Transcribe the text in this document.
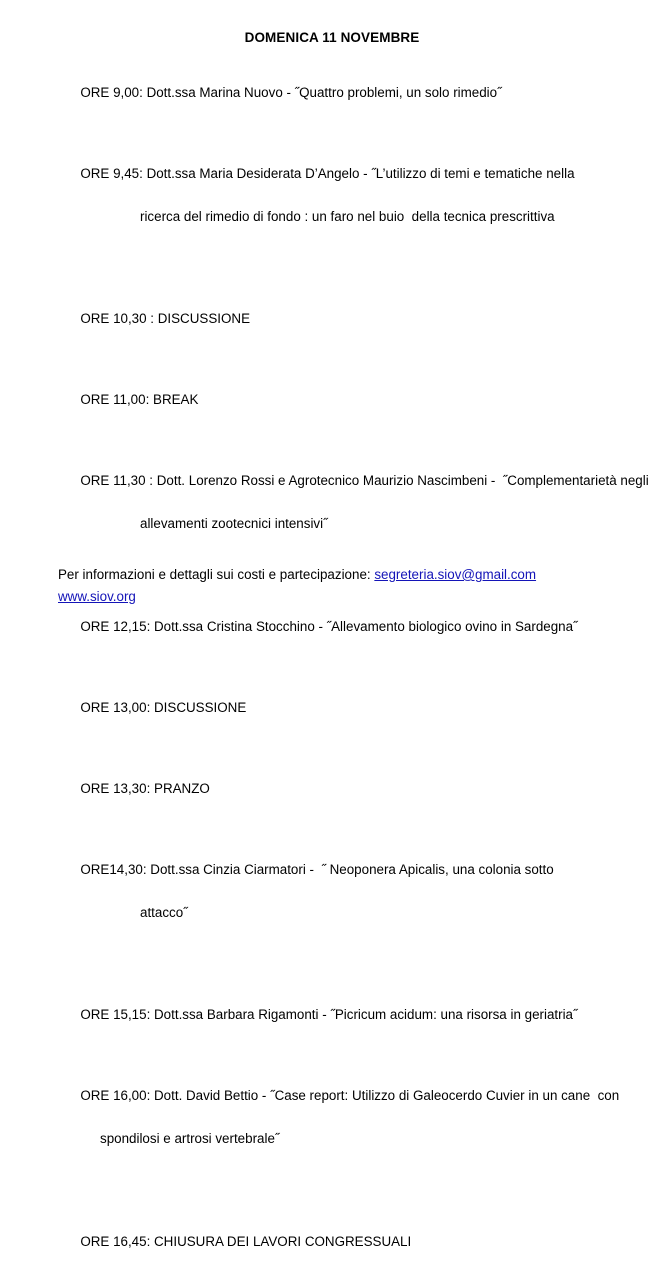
DOMENICA 11 NOVEMBRE

ORE 9,00: Dott.ssa Marina Nuovo - ˝Quattro problemi, un solo rimedio˝

ORE 9,45: Dott.ssa Maria Desiderata D’Angelo - ˝L’utilizzo di temi e tematiche nella

ricerca del rimedio di fondo : un faro nel buio  della tecnica prescrittiva

ORE 10,30 : DISCUSSIONE

ORE 11,00: BREAK

ORE 11,30 : Dott. Lorenzo Rossi e Agrotecnico Maurizio Nascimbeni -  ˝Complementarietà negli

allevamenti zootecnici intensivi˝

ORE 12,15: Dott.ssa Cristina Stocchino - ˝Allevamento biologico ovino in Sardegna˝

ORE 13,00: DISCUSSIONE

ORE 13,30: PRANZO

ORE14,30: Dott.ssa Cinzia Ciarmatori -  ˝ Neoponera Apicalis, una colonia sotto

attacco˝

ORE 15,15: Dott.ssa Barbara Rigamonti - ˝Picricum acidum: una risorsa in geriatria˝

ORE 16,00: Dott. David Bettio - ˝Case report: Utilizzo di Galeocerdo Cuvier in un cane  con

spondilosi e artrosi vertebrale˝

ORE 16,45: CHIUSURA DEI LAVORI CONGRESSUALI

Per informazioni e dettagli sui costi e partecipazione: segreteria.siov@gmail.com
www.siov.org
